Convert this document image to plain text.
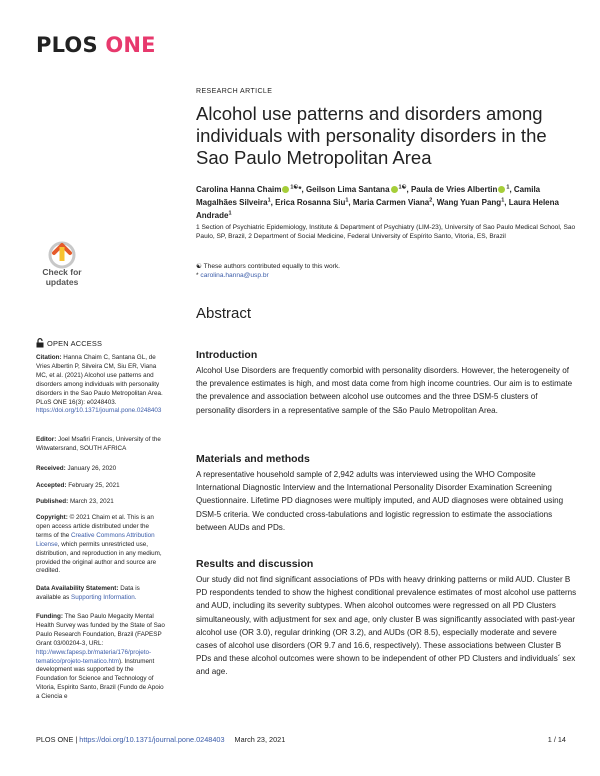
PLOS ONE
RESEARCH ARTICLE
Alcohol use patterns and disorders among individuals with personality disorders in the Sao Paulo Metropolitan Area
Carolina Hanna Chaim $^{1☯}$*, Geilson Lima Santana $^{1☯}$, Paula de Vries Albertin $^1$, Camila Magalhães Silveira$^1$, Erica Rosanna Siu$^1$, Maria Carmen Viana$^2$, Wang Yuan Pang$^1$, Laura Helena Andrade$^1$
1 Section of Psychiatric Epidemiology, Institute & Department of Psychiatry (LIM-23), University of Sao Paulo Medical School, Sao Paulo, SP, Brazil, 2 Department of Social Medicine, Federal University of Espírito Santo, Vitoria, ES, Brazil
☯ These authors contributed equally to this work.
* carolina.hanna@usp.br
Abstract
Introduction
Alcohol Use Disorders are frequently comorbid with personality disorders. However, the heterogeneity of the prevalence estimates is high, and most data come from high income countries. Our aim is to estimate the prevalence and association between alcohol use outcomes and the three DSM-5 clusters of personality disorders in a representative sample of the São Paulo Metropolitan Area.
Materials and methods
A representative household sample of 2,942 adults was interviewed using the WHO Composite International Diagnostic Interview and the International Personality Disorder Examination Screening Questionnaire. Lifetime PD diagnoses were multiply imputed, and AUD diagnoses were obtained using DSM-5 criteria. We conducted cross-tabulations and logistic regression to estimate the associations between AUDs and PDs.
Results and discussion
Our study did not find significant associations of PDs with heavy drinking patterns or mild AUD. Cluster B PD respondents tended to show the highest conditional prevalence estimates of most alcohol use patterns and AUD, including its severity subtypes. When alcohol outcomes were regressed on all PD Clusters simultaneously, with adjustment for sex and age, only cluster B was significantly associated with past-year alcohol use (OR 3.0), regular drinking (OR 3.2), and AUDs (OR 8.5), especially moderate and severe cases of alcohol use disorders (OR 9.7 and 16.6, respectively). These associations between Cluster B PDs and these alcohol outcomes were shown to be independent of other PD Clusters and individuals´ sex and age.
Check for
updates
OPEN ACCESS
Citation: Hanna Chaim C, Santana GL, de Vries Albertin P, Silveira CM, Siu ER, Viana MC, et al. (2021) Alcohol use patterns and disorders among individuals with personality disorders in the Sao Paulo Metropolitan Area. PLoS ONE 16(3): e0248403. https://doi.org/10.1371/journal.pone.0248403
Editor: Joel Msafiri Francis, University of the Witwatersrand, SOUTH AFRICA
Received: January 26, 2020
Accepted: February 25, 2021
Published: March 23, 2021
Copyright: © 2021 Chaim et al. This is an open access article distributed under the terms of the Creative Commons Attribution License, which permits unrestricted use, distribution, and reproduction in any medium, provided the original author and source are credited.
Data Availability Statement: Data is available as Supporting Information.
Funding: The Sao Paulo Megacity Mental Health Survey was funded by the State of Sao Paulo Research Foundation, Brazil (FAPESP Grant 03/00204-3, URL: http://www.fapesp.br/materia/176/projeto-tematico/projeto-tematico.htm). Instrument development was supported by the Foundation for Science and Technology of Vitoria, Espirito Santo, Brazil (Fundo de Apoio a Ciencia e
PLOS ONE | https://doi.org/10.1371/journal.pone.0248403 March 23, 2021	1 / 14
